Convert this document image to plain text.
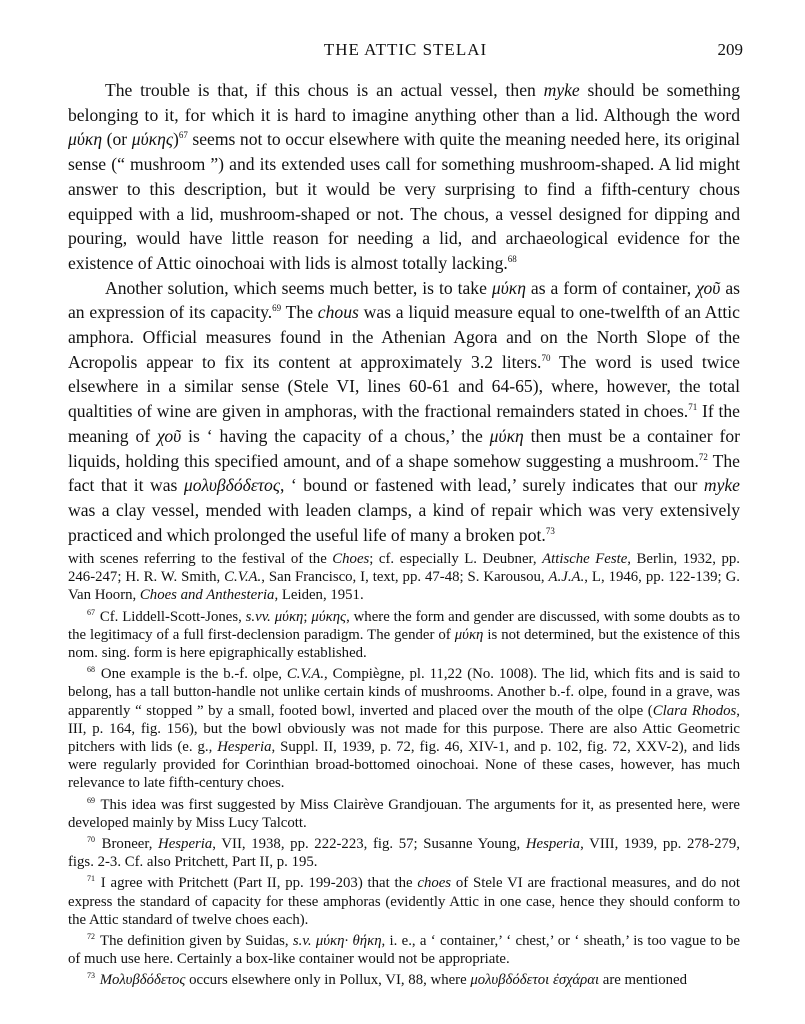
THE ATTIC STELAI	209

The trouble is that, if this chous is an actual vessel, then myke should be something belonging to it, for which it is hard to imagine anything other than a lid. Although the word μύκη (or μύκης)$^{67}$ seems not to occur elsewhere with quite the meaning needed here, its original sense (“ mushroom ”) and its extended uses call for something mushroom-shaped. A lid might answer to this description, but it would be very surprising to find a fifth-century chous equipped with a lid, mushroom-shaped or not. The chous, a vessel designed for dipping and pouring, would have little reason for needing a lid, and archaeological evidence for the existence of Attic oinochoai with lids is almost totally lacking.$^{68}$

Another solution, which seems much better, is to take μύκη as a form of container, χοῦ as an expression of its capacity.$^{69}$ The chous was a liquid measure equal to one-twelfth of an Attic amphora. Official measures found in the Athenian Agora and on the North Slope of the Acropolis appear to fix its content at approximately 3.2 liters.$^{70}$ The word is used twice elsewhere in a similar sense (Stele VI, lines 60-61 and 64-65), where, however, the total qualtities of wine are given in amphoras, with the fractional remainders stated in choes.$^{71}$ If the meaning of χοῦ is ‘ having the capacity of a chous,’ the μύκη then must be a container for liquids, holding this specified amount, and of a shape somehow suggesting a mushroom.$^{72}$ The fact that it was μολυβδόδετος, ‘ bound or fastened with lead,’ surely indicates that our myke was a clay vessel, mended with leaden clamps, a kind of repair which was very extensively practiced and which prolonged the useful life of many a broken pot.$^{73}$

with scenes referring to the festival of the Choes; cf. especially L. Deubner, Attische Feste, Berlin, 1932, pp. 246-247; H. R. W. Smith, C.V.A., San Francisco, I, text, pp. 47-48; S. Karousou, A.J.A., L, 1946, pp. 122-139; G. Van Hoorn, Choes and Anthesteria, Leiden, 1951.

$^{67}$ Cf. Liddell-Scott-Jones, s.vv. μύκη; μύκης, where the form and gender are discussed, with some doubts as to the legitimacy of a full first-declension paradigm. The gender of μύκη is not determined, but the existence of this nom. sing. form is here epigraphically established.

$^{68}$ One example is the b.-f. olpe, C.V.A., Compiègne, pl. 11,22 (No. 1008). The lid, which fits and is said to belong, has a tall button-handle not unlike certain kinds of mushrooms. Another b.-f. olpe, found in a grave, was apparently “ stopped ” by a small, footed bowl, inverted and placed over the mouth of the olpe (Clara Rhodos, III, p. 164, fig. 156), but the bowl obviously was not made for this purpose. There are also Attic Geometric pitchers with lids (e. g., Hesperia, Suppl. II, 1939, p. 72, fig. 46, XIV-1, and p. 102, fig. 72, XXV-2), and lids were regularly provided for Corinthian broad-bottomed oinochoai. None of these cases, however, has much relevance to late fifth-century choes.

$^{69}$ This idea was first suggested by Miss Clairève Grandjouan. The arguments for it, as presented here, were developed mainly by Miss Lucy Talcott.

$^{70}$ Broneer, Hesperia, VII, 1938, pp. 222-223, fig. 57; Susanne Young, Hesperia, VIII, 1939, pp. 278-279, figs. 2-3. Cf. also Pritchett, Part II, p. 195.

$^{71}$ I agree with Pritchett (Part II, pp. 199-203) that the choes of Stele VI are fractional measures, and do not express the standard of capacity for these amphoras (evidently Attic in one case, hence they should conform to the Attic standard of twelve choes each).

$^{72}$ The definition given by Suidas, s.v. μύκη· θήκη, i. e., a ‘ container,’ ‘ chest,’ or ‘ sheath,’ is too vague to be of much use here. Certainly a box-like container would not be appropriate.

$^{73}$ Μολυβδόδετος occurs elsewhere only in Pollux, VI, 88, where μολυβδόδετοι ἐσχάραι are mentioned
